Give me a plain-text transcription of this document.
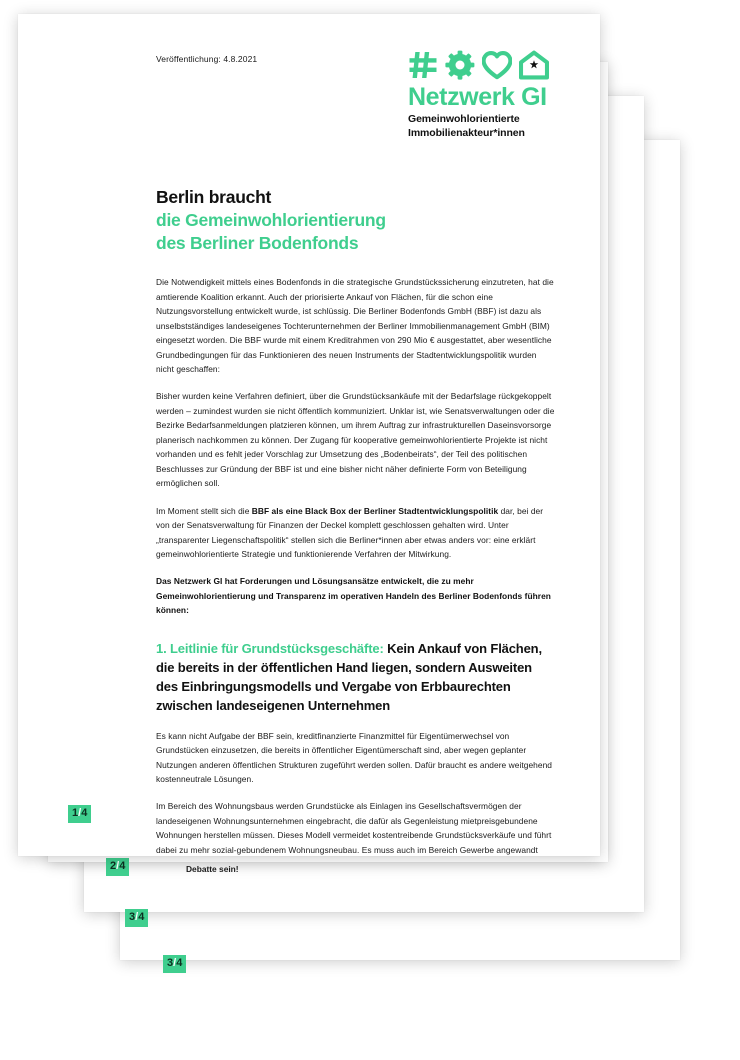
3/4
3/4

Debatte sein!
2/4
Veröffentlichung: 4.8.2021
Netzwerk GI
Gemeinwohlorientierte
Immobilienakteur*innen
Berlin braucht
die Gemeinwohlorientierung
des Berliner Bodenfonds

Die Notwendigkeit mittels eines Bodenfonds in die strategische Grundstückssicherung einzutreten, hat die amtierende Koalition erkannt. Auch der priorisierte Ankauf von Flächen, für die schon eine Nutzungsvorstellung entwickelt wurde, ist schlüssig. Die Berliner Bodenfonds GmbH (BBF) ist dazu als unselbstständiges landeseigenes Tochterunternehmen der Berliner Immobilienmanagement GmbH (BIM) eingesetzt worden. Die BBF wurde mit einem Kreditrahmen von 290 Mio € ausgestattet, aber wesentliche Grundbedingungen für das Funktionieren des neuen Instruments der Stadtentwicklungspolitik wurden nicht geschaffen:

Bisher wurden keine Verfahren definiert, über die Grundstücksankäufe mit der Bedarfslage rückgekoppelt werden – zumindest wurden sie nicht öffentlich kommuniziert. Unklar ist, wie Senatsverwaltungen oder die Bezirke Bedarfsanmeldungen platzieren können, um ihrem Auftrag zur infrastrukturellen Daseinsvorsorge planerisch nachkommen zu können. Der Zugang für kooperative gemeinwohlorientierte Projekte ist nicht vorhanden und es fehlt jeder Vorschlag zur Umsetzung des „Bodenbeirats“, der Teil des politischen Beschlusses zur Gründung der BBF ist und eine bisher nicht näher definierte Form von Beteiligung ermöglichen soll.

Im Moment stellt sich die BBF als eine Black Box der Berliner Stadtentwicklungspolitik dar, bei der von der Senatsverwaltung für Finanzen der Deckel komplett geschlossen gehalten wird. Unter „transparenter Liegenschaftspolitik“ stellen sich die Berliner*innen aber etwas anders vor: eine erklärt gemeinwohlorientierte Strategie und funktionierende Verfahren der Mitwirkung.

Das Netzwerk GI hat Forderungen und Lösungsansätze entwickelt, die zu mehr Gemeinwohlorientierung und Transparenz im operativen Handeln des Berliner Bodenfonds führen können:

1. Leitlinie für Grundstücksgeschäfte: Kein Ankauf von Flächen, die bereits in der öffentlichen Hand liegen, sondern Ausweiten des Einbringungsmodells und Vergabe von Erbbaurechten zwischen landeseigenen Unternehmen

Es kann nicht Aufgabe der BBF sein, kreditfinanzierte Finanzmittel für Eigentümerwechsel von Grundstücken einzusetzen, die bereits in öffentlicher Eigentümerschaft sind, aber wegen geplanter Nutzungen anderen öffentlichen Strukturen zugeführt werden sollen. Dafür braucht es andere weitgehend kostenneutrale Lösungen.

Im Bereich des Wohnungsbaus werden Grundstücke als Einlagen ins Gesellschaftsvermögen der landeseigenen Wohnungsunternehmen eingebracht, die dafür als Gegenleistung mietpreisgebundene Wohnungen herstellen müssen. Dieses Modell vermeidet kostentreibende Grundstücksverkäufe und führt dabei zu mehr sozial-gebundenem Wohnungsneubau. Es muss auch im Bereich Gewerbe angewandt

1/4
